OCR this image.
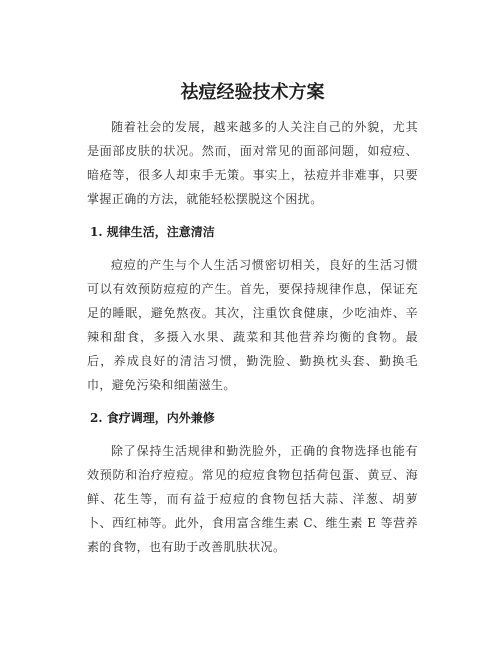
祛痘经验技术方案

随着社会的发展，越来越多的人关注自己的外貌，尤其是面部皮肤的状况。然而，面对常见的面部问题，如痘痘、暗疮等，很多人却束手无策。事实上，祛痘并非难事，只要掌握正确的方法，就能轻松摆脱这个困扰。

1. 规律生活，注意清洁

痘痘的产生与个人生活习惯密切相关，良好的生活习惯可以有效预防痘痘的产生。首先，要保持规律作息，保证充足的睡眠，避免熬夜。其次，注重饮食健康，少吃油炸、辛辣和甜食，多摄入水果、蔬菜和其他营养均衡的食物。最后，养成良好的清洁习惯，勤洗脸、勤换枕头套、勤换毛巾，避免污染和细菌滋生。

2. 食疗调理，内外兼修

除了保持生活规律和勤洗脸外，正确的食物选择也能有效预防和治疗痘痘。常见的痘痘食物包括荷包蛋、黄豆、海鲜、花生等，而有益于痘痘的食物包括大蒜、洋葱、胡萝卜、西红柿等。此外，食用富含维生素 C、维生素 E 等营养素的食物，也有助于改善肌肤状况。
